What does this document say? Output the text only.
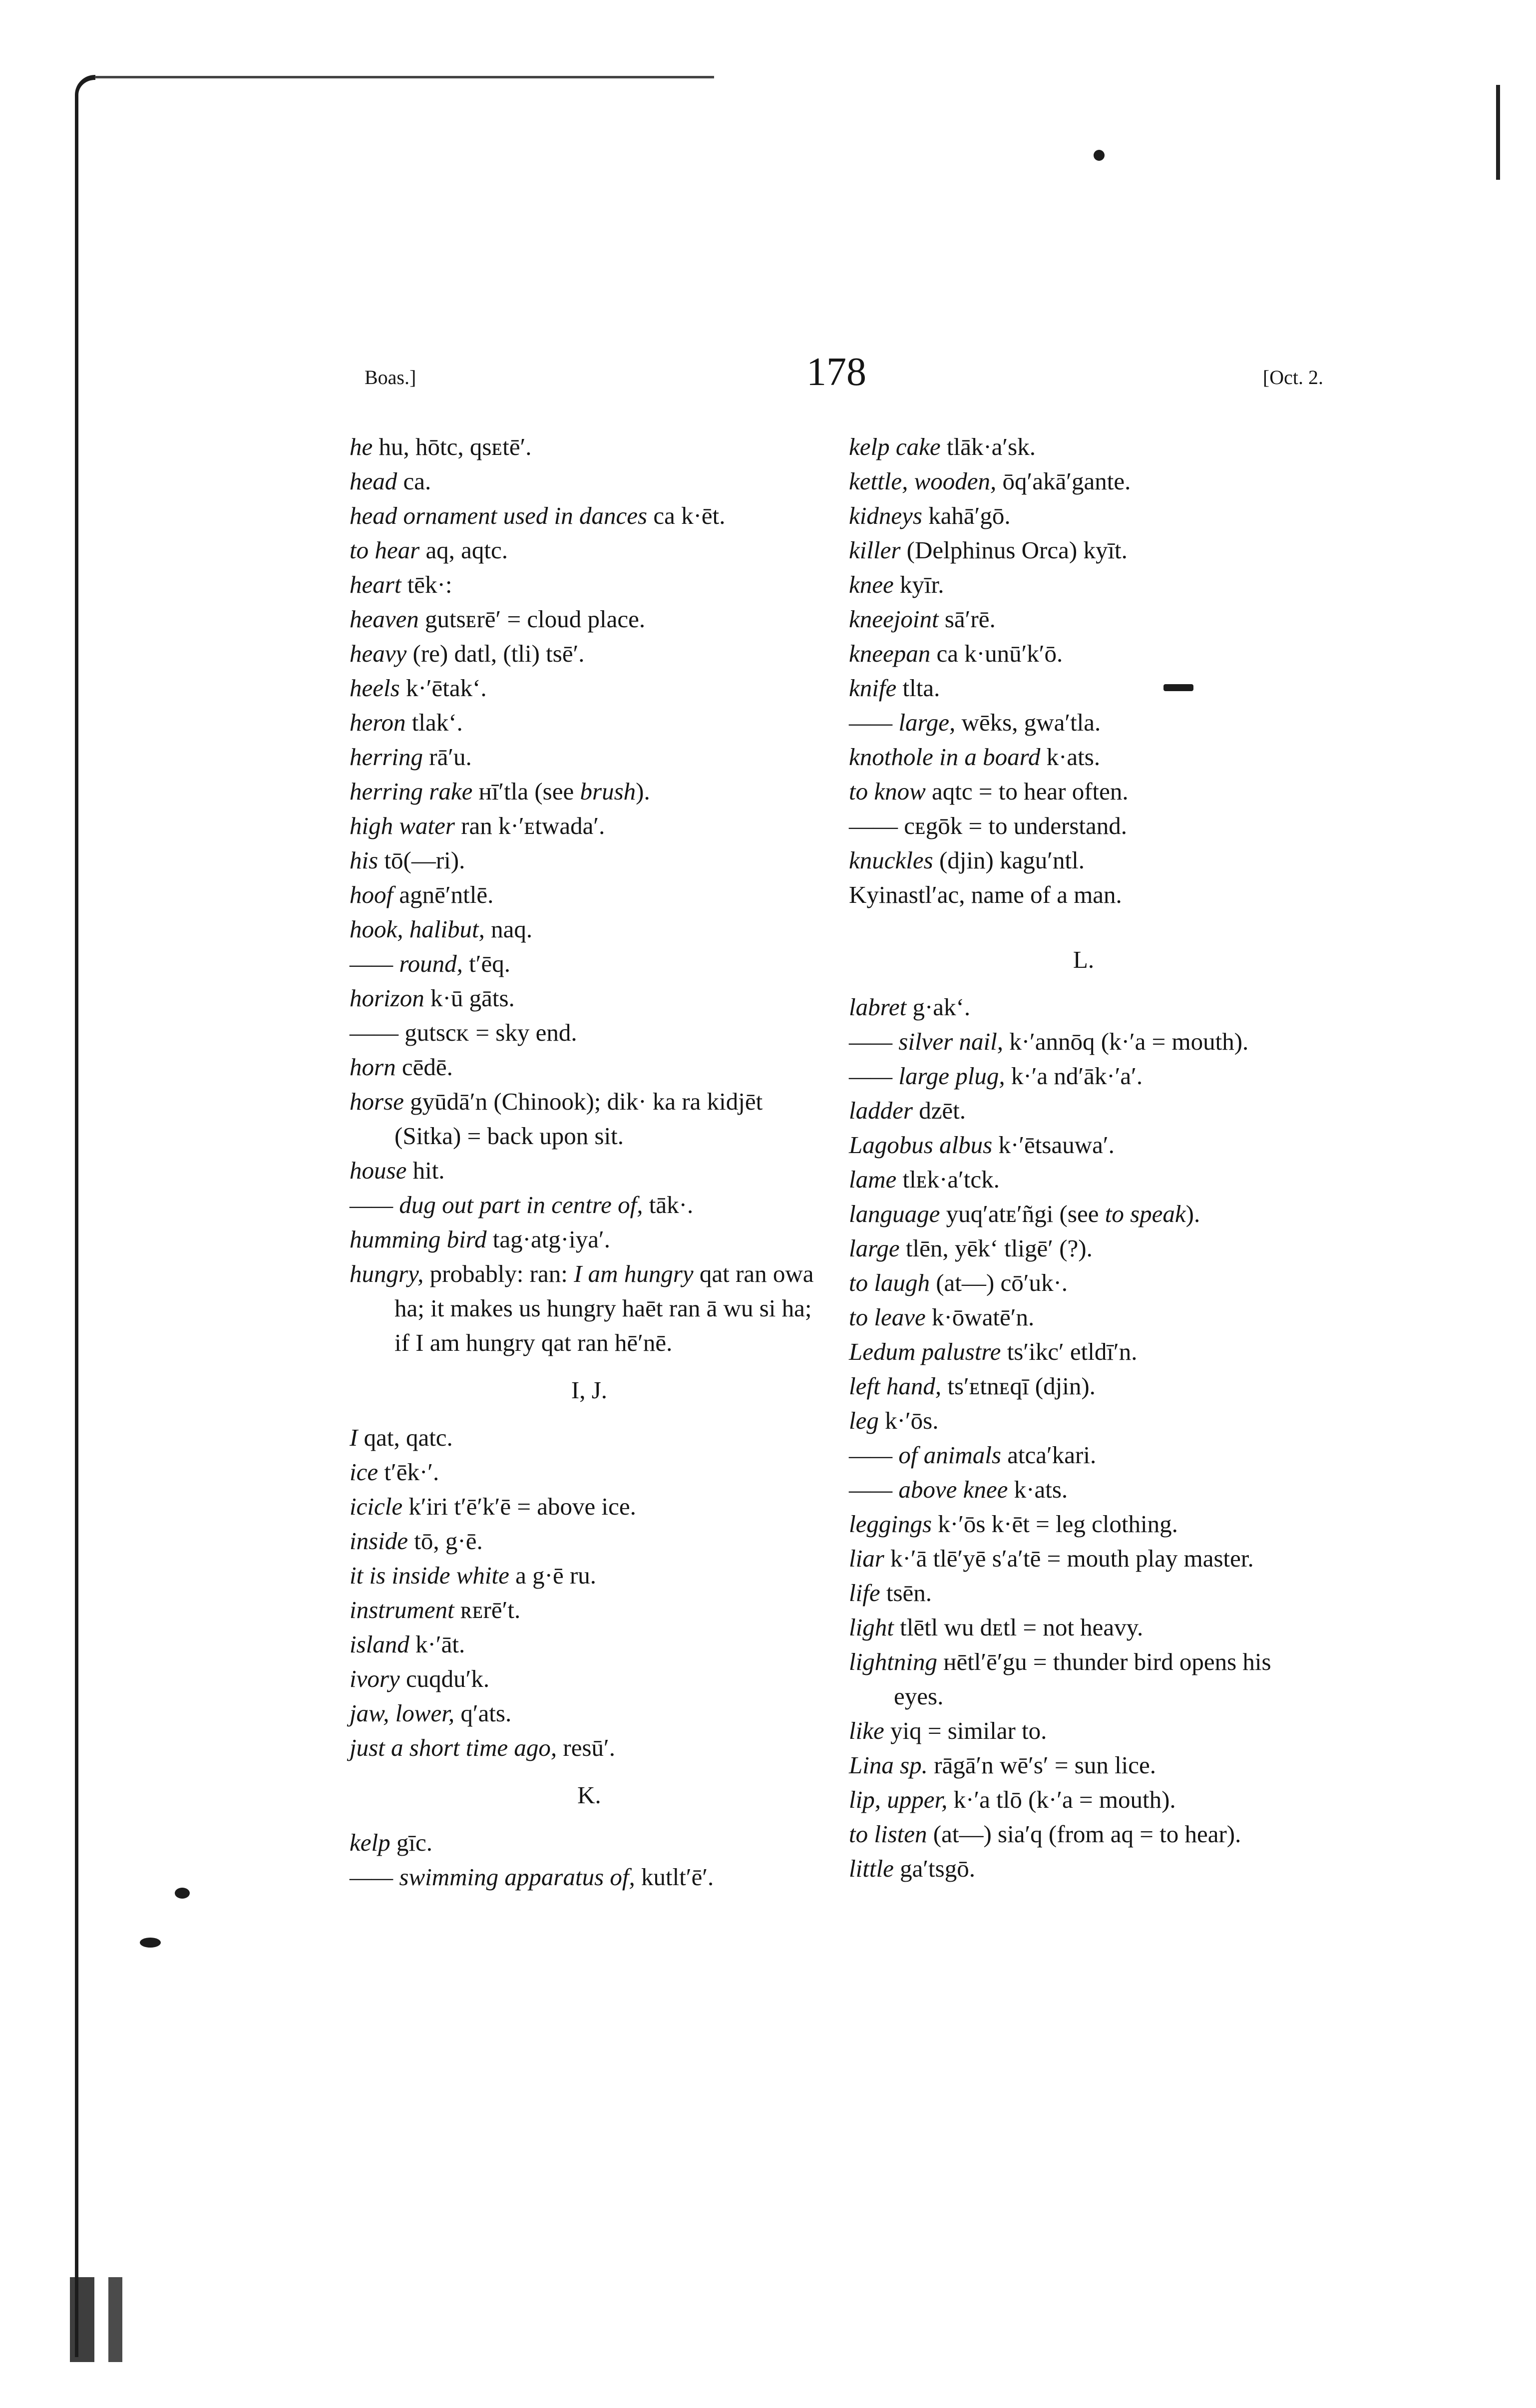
Boas.]	178	[Oct. 2.
he hu, hōtc, qsᴇtē′.
head ca.
head ornament used in dances ca k·ēt.
to hear aq, aqtc.
heart tēk·:
heaven gutsᴇrē′ = cloud place.
heavy (re) datl, (tli) tsē′.
heels k·′ētak‘.
heron tlak‘.
herring rā′u.
herring rake ʜī′tla (see brush).
high water ran k·′ᴇtwada′.
his tō(—ri).
hoof agnē′ntlē.
hook, halibut, naq.
—— round, t′ēq.
horizon k·ū gāts.
—— gutscᴋ = sky end.
horn cēdē.
horse gyūdā′n (Chinook); dik· ka ra kidjēt (Sitka) = back upon sit.
house hit.
—— dug out part in centre of, tāk·.
humming bird tag·atg·iya′.
hungry, probably: ran: I am hungry qat ran owa ha; it makes us hungry haēt ran ā wu si ha; if I am hungry qat ran hē′nē.
I, J.
I qat, qatc.
ice t′ēk·′.
icicle k′iri t′ē′k′ē = above ice.
inside tō, g·ē.
it is inside white a g·ē ru.
instrument ʀᴇrē′t.
island k·′āt.
ivory cuqdu′k.
jaw, lower, q′ats.
just a short time ago, resū′.
K.
kelp gīc.
—— swimming apparatus of, kutlt′ē′.
kelp cake tlāk·a′sk.
kettle, wooden, ōq′akā′gante.
kidneys kahā′gō.
killer (Delphinus Orca) kyīt.
knee kyīr.
kneejoint sā′rē.
kneepan ca k·unū′k′ō.
knife tlta.
—— large, wēks, gwa′tla.
knothole in a board k·ats.
to know aqtc = to hear often.
—— cᴇgōk = to understand.
knuckles (djin) kagu′ntl.
Kyinastl′ac, name of a man.
L.
labret g·ak‘.
—— silver nail, k·′annōq (k·′a = mouth).
—— large plug, k·′a nd′āk·′a′.
ladder dzēt.
Lagobus albus k·′ētsauwa′.
lame tlᴇk·a′tck.
language yuq′atᴇ′ñgi (see to speak).
large tlēn, yēk‘ tligē′ (?).
to laugh (at—) cō′uk·.
to leave k·ōwatē′n.
Ledum palustre ts′ikc′ etldī′n.
left hand, ts′ᴇtnᴇqī (djin).
leg k·′ōs.
—— of animals atca′kari.
—— above knee k·ats.
leggings k·′ōs k·ēt = leg clothing.
liar k·′ā tlē′yē s′a′tē = mouth play master.
life tsēn.
light tlētl wu dᴇtl = not heavy.
lightning ʜētl′ē′gu = thunder bird opens his eyes.
like yiq = similar to.
Lina sp. rāgā′n wē′s′ = sun lice.
lip, upper, k·′a tlō (k·′a = mouth).
to listen (at—) sia′q (from aq = to hear).
little ga′tsgō.
